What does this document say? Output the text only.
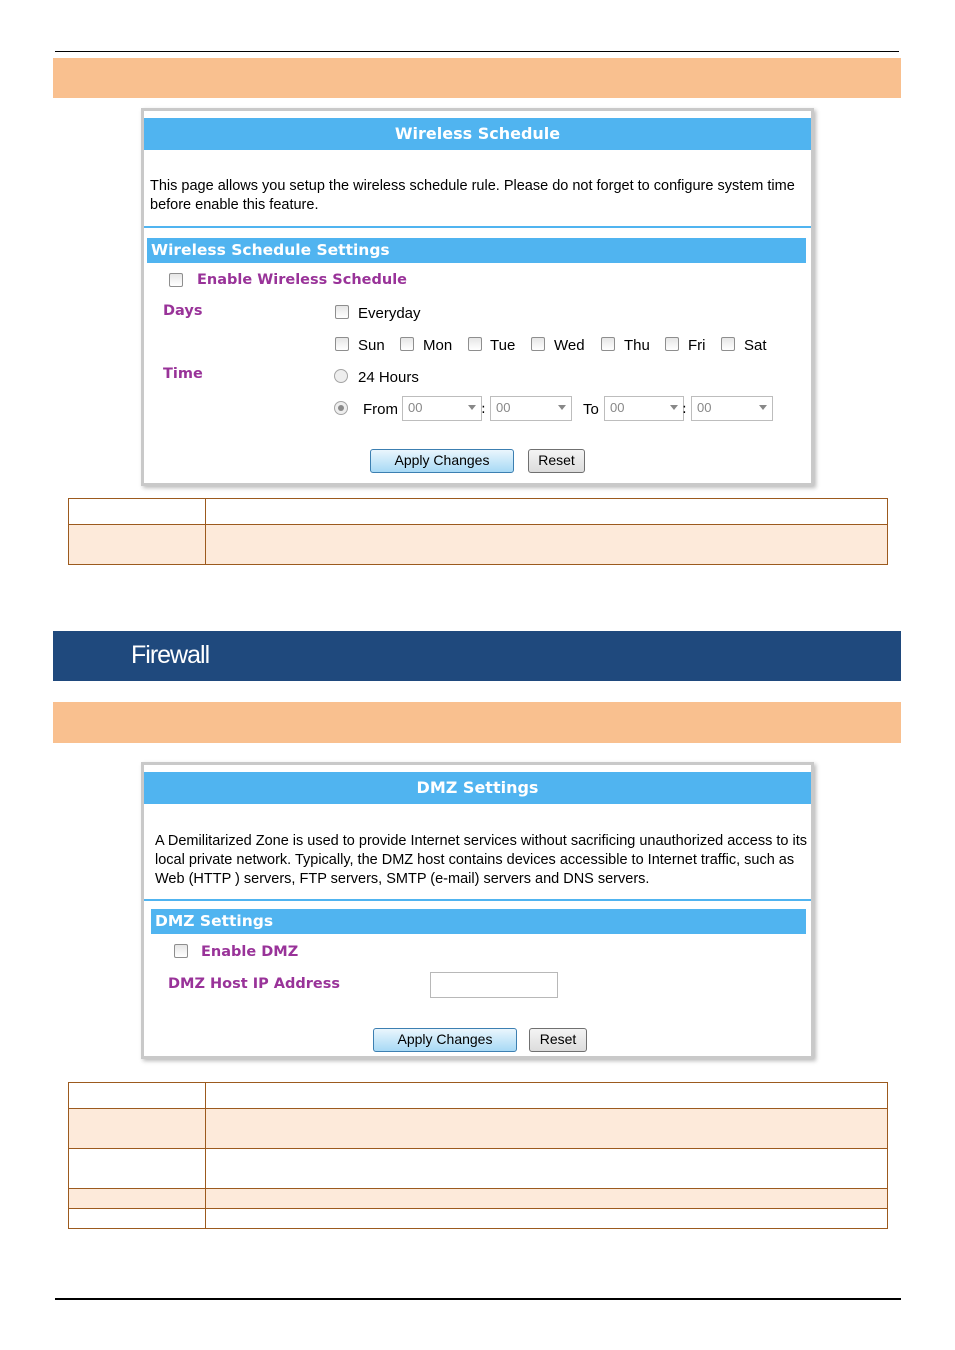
Wireless Schedule
This page allows you setup the wireless schedule rule. Please do not forget to configure system time before enable this feature.
Wireless Schedule Settings
Enable Wireless Schedule
Days	Everyday
Sun	Mon	Tue	Wed	Thu	Fri	Sat
Time	24 Hours
From 00	: 00	To 00	: 00
Apply Changes	Reset

Firewall
DMZ Settings
A Demilitarized Zone is used to provide Internet services without sacrificing unauthorized access to its local private network. Typically, the DMZ host contains devices accessible to Internet traffic, such as Web (HTTP ) servers, FTP servers, SMTP (e-mail) servers and DNS servers.
DMZ Settings
Enable DMZ
DMZ Host IP Address
Apply Changes	Reset
